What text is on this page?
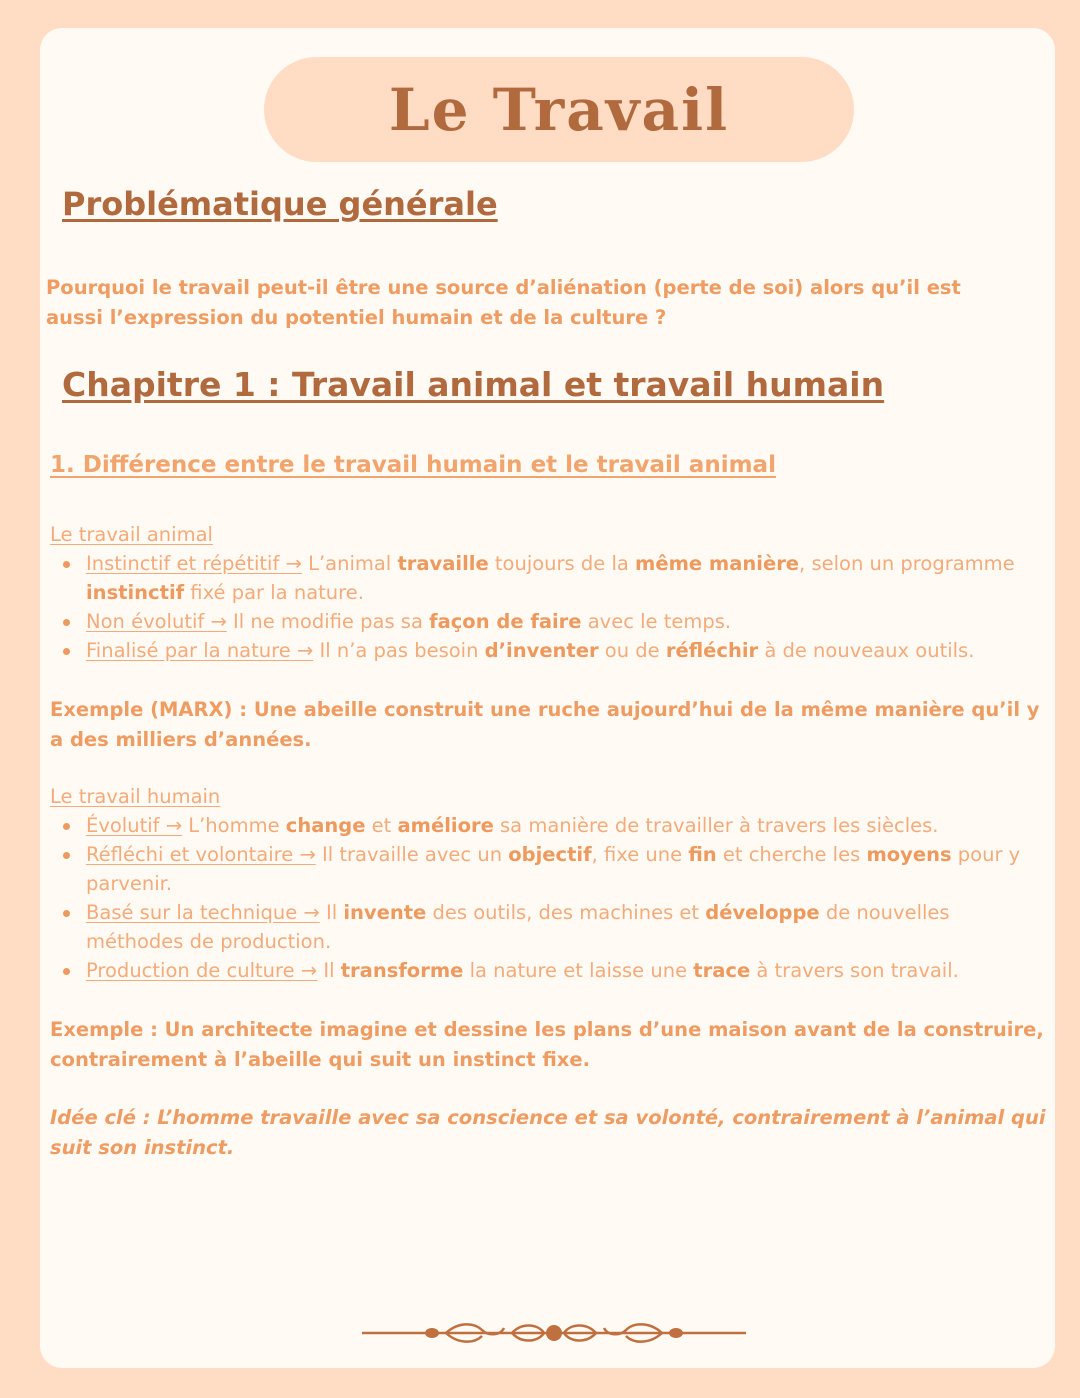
Le Travail
Problématique générale
Pourquoi le travail peut-il être une source d’aliénation (perte de soi) alors qu’il est aussi l’expression du potentiel humain et de la culture ?
Chapitre 1 : Travail animal et travail humain
1. Différence entre le travail humain et le travail animal
Le travail animal
Instinctif et répétitif → L’animal travaille toujours de la même manière, selon un programme instinctif fixé par la nature.
Non évolutif → Il ne modifie pas sa façon de faire avec le temps.
Finalisé par la nature → Il n’a pas besoin d’inventer ou de réfléchir à de nouveaux outils.
Exemple (MARX) : Une abeille construit une ruche aujourd’hui de la même manière qu’il y a des milliers d’années.
Le travail humain
Évolutif → L’homme change et améliore sa manière de travailler à travers les siècles.
Réfléchi et volontaire → Il travaille avec un objectif, fixe une fin et cherche les moyens pour y parvenir.
Basé sur la technique → Il invente des outils, des machines et développe de nouvelles méthodes de production.
Production de culture → Il transforme la nature et laisse une trace à travers son travail.
Exemple : Un architecte imagine et dessine les plans d’une maison avant de la construire, contrairement à l’abeille qui suit un instinct fixe.
Idée clé : L’homme travaille avec sa conscience et sa volonté, contrairement à l’animal qui suit son instinct.
